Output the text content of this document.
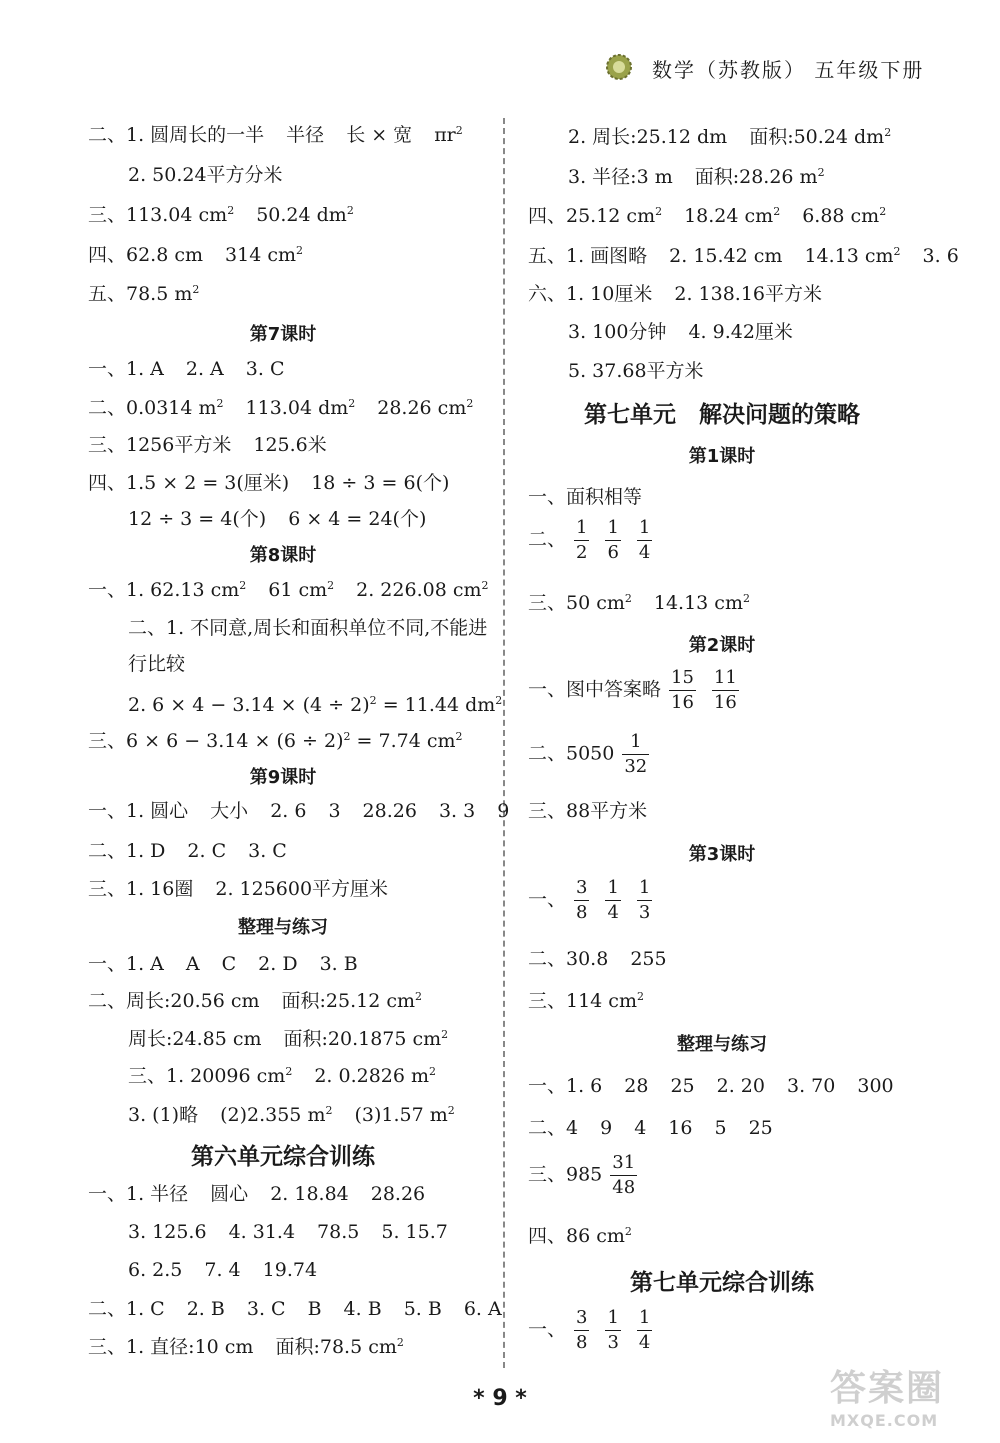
数学（苏教版） 五年级下册
二、1. 圆周长的一半 半径 长 × 宽 $\pi r^2$
2. 50.24平方分米
三、113.04 $cm^2$ 50.24 $dm^2$
四、62.8 cm 314 $cm^2$
五、78.5 $m^2$
第7课时
一、1. A 2. A 3. C
二、0.0314 $m^2$ 113.04 $dm^2$ 28.26 $cm^2$
三、1256平方米 125.6米
四、1.5 × 2 = 3(厘米) 18 ÷ 3 = 6(个)
12 ÷ 3 = 4(个) 6 × 4 = 24(个)
第8课时
一、1. 62.13 $cm^2$ 61 $cm^2$ 2. 226.08 $cm^2$
二、1. 不同意,周长和面积单位不同,不能进
行比较
2. $6 \times 4 - 3.14 \times (4 \div 2)^2 = 11.44$ $dm^2$
三、$6 \times 6 - 3.14 \times (6 \div 2)^2 = 7.74$ $cm^2$
第9课时
一、1. 圆心 大小 2. 6 3 28.26 3. 3 9
二、1. D 2. C 3. C
三、1. 16圈 2. 125600平方厘米
整理与练习
一、1. A A C 2. D 3. B
二、周长:20.56 cm 面积:25.12 $cm^2$
周长:24.85 cm 面积:20.1875 $cm^2$
三、1. 20096 $cm^2$ 2. 0.2826 $m^2$
3. (1)略 (2)2.355 $m^2$ (3)1.57 $m^2$
第六单元综合训练
一、1. 半径 圆心 2. 18.84 28.26
3. 125.6 4. 31.4 78.5 5. 15.7
6. 2.5 7. 4 19.74
二、1. C 2. B 3. C B 4. B 5. B 6. A
三、1. 直径:10 cm 面积:78.5 $cm^2$
2. 周长:25.12 dm 面积:50.24 $dm^2$
3. 半径:3 m 面积:28.26 $m^2$
四、25.12 $cm^2$ 18.24 $cm^2$ 6.88 $cm^2$
五、1. 画图略 2. 15.42 cm 14.13 $cm^2$ 3. 6
六、1. 10厘米 2. 138.16平方米
3. 100分钟 4. 9.42厘米
5. 37.68平方米
第七单元　解决问题的策略
第1课时
一、面积相等
二、 $\frac{1}{2} \frac{1}{6} \frac{1}{4}$
三、50 $cm^2$ 14.13 $cm^2$
第2课时
一、图中答案略 $\frac{15}{16} \frac{11}{16}$
二、$5050 \frac{1}{32}$
三、88平方米
第3课时
一、 $\frac{3}{8} \frac{1}{4} \frac{1}{3}$
二、30.8 255
三、114 $cm^2$
整理与练习
一、1. 6 28 25 2. 20 3. 70 300
二、4 9 4 16 5 25
三、$985 \frac{31}{48}$
四、86 $cm^2$
第七单元综合训练
一、 $\frac{3}{8} \frac{1}{3} \frac{1}{4}$
* 9 *	答案圈
MXQE.COM
